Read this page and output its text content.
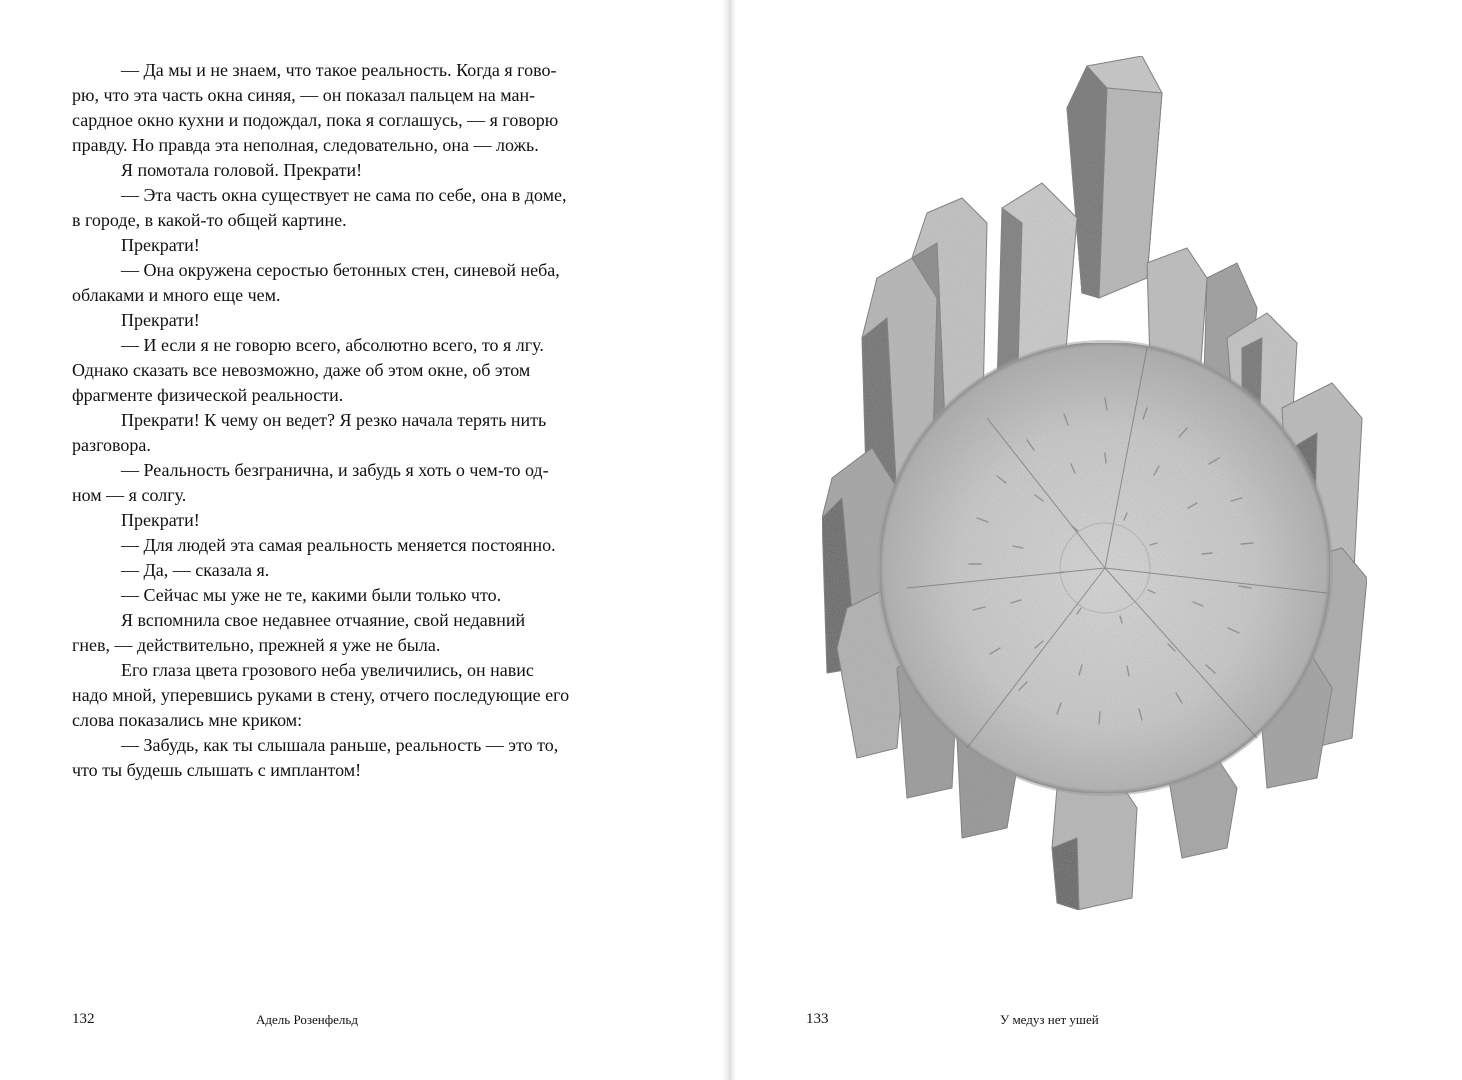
— Да мы и не знаем, что такое реальность. Когда я гово-
рю, что эта часть окна синяя, — он показал пальцем на ман-
сардное окно кухни и подождал, пока я соглашусь, — я говорю
правду. Но правда эта неполная, следовательно, она — ложь.
Я помотала головой. Прекрати!
— Эта часть окна существует не сама по себе, она в доме,
в городе, в какой-то общей картине.
Прекрати!
— Она окружена серостью бетонных стен, синевой неба,
облаками и много еще чем.
Прекрати!
— И если я не говорю всего, абсолютно всего, то я лгу.
Однако сказать все невозможно, даже об этом окне, об этом
фрагменте физической реальности.
Прекрати! К чему он ведет? Я резко начала терять нить
разговора.
— Реальность безгранична, и забудь я хоть о чем-то од-
ном — я солгу.
Прекрати!
— Для людей эта самая реальность меняется постоянно.
— Да, — сказала я.
— Сейчас мы уже не те, какими были только что.
Я вспомнила свое недавнее отчаяние, свой недавний
гнев, — действительно, прежней я уже не была.
Его глаза цвета грозового неба увеличились, он навис
надо мной, уперевшись руками в стену, отчего последующие его
слова показались мне криком:
— Забудь, как ты слышала раньше, реальность — это то,
что ты будешь слышать с имплантом!
132	Адель Розенфельд	133	У медуз нет ушей
